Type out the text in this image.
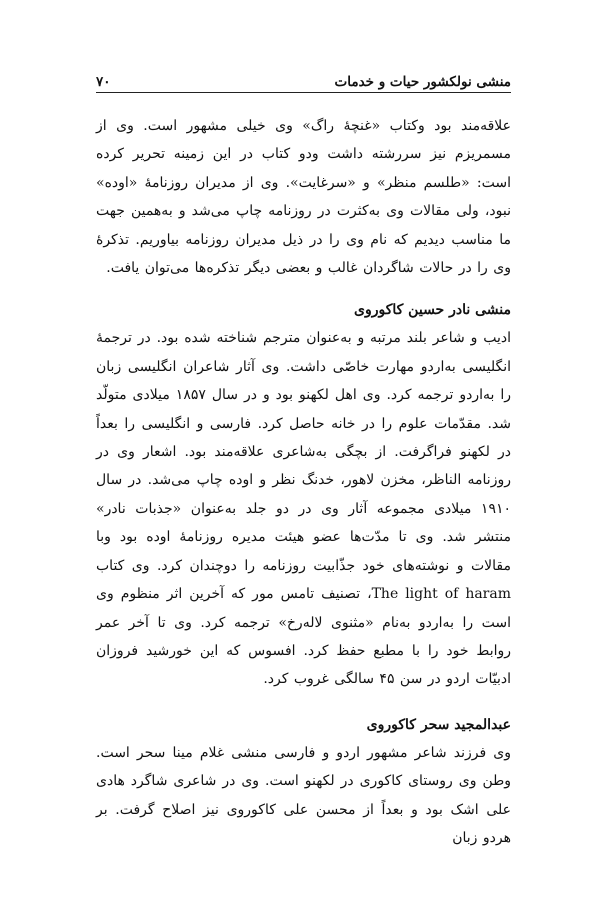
منشی نولکشور حیات و خدمات
۷۰

علاقه‌مند بود وکتاب «غنچهٔ راگ» وی خیلی مشهور است. وی از مسمریزم نیز سررشته داشت ودو کتاب در این زمینه تحریر کرده است: «طلسم منظر» و «سرغایت». وی از مدیران روزنامهٔ «اوده» نبود، ولی مقالات وی به‌کثرت در روزنامه چاپ می‌شد و به‌همین جهت ما مناسب دیدیم که نام وی را در ذیل مدیران روزنامه بیاوریم. تذکرهٔ وی را در حالات شاگردان غالب و بعضی دیگر تذکره‌ها می‌توان یافت.

منشی نادر حسین کاکوروی

ادیب و شاعر بلند مرتبه و به‌عنوان مترجم شناخته شده بود. در ترجمهٔ انگلیسی به‌اردو مهارت خاصّی داشت. وی آثار شاعران انگلیسی زبان را به‌اردو ترجمه کرد. وی اهل لکهنو بود و در سال ۱۸۵۷ میلادی متولّد شد. مقدّمات علوم را در خانه حاصل کرد. فارسی و انگلیسی را بعداً در لکهنو فراگرفت. از بچگی به‌شاعری علاقه‌مند بود. اشعار وی در روزنامه الناظر، مخزن لاهور، خدنگ نظر و اوده چاپ می‌شد. در سال ۱۹۱۰ میلادی مجموعه آثار وی در دو جلد به‌عنوان «جذبات نادر» منتشر شد. وی تا مدّت‌ها عضو هیئت مدیره روزنامهٔ اوده بود وبا مقالات و نوشته‌های خود جذّابیت روزنامه را دوچندان کرد. وی کتاب The light of haram، تصنیف تامس مور که آخرین اثر منظوم وی است را به‌اردو به‌نام «مثنوی لاله‌رخ» ترجمه کرد. وی تا آخر عمر روابط خود را با مطبع حفظ کرد. افسوس که این خورشید فروزان ادبیّات اردو در سن ۴۵ سالگی غروب کرد.

عبدالمجید سحر کاکوروی

وی فرزند شاعر مشهور اردو و فارسی منشی غلام مینا سحر است. وطن وی روستای کاکوری در لکهنو است. وی در شاعری شاگرد هادی علی اشک بود و بعداً از محسن علی کاکوروی نیز اصلاح گرفت. بر هردو زبان
